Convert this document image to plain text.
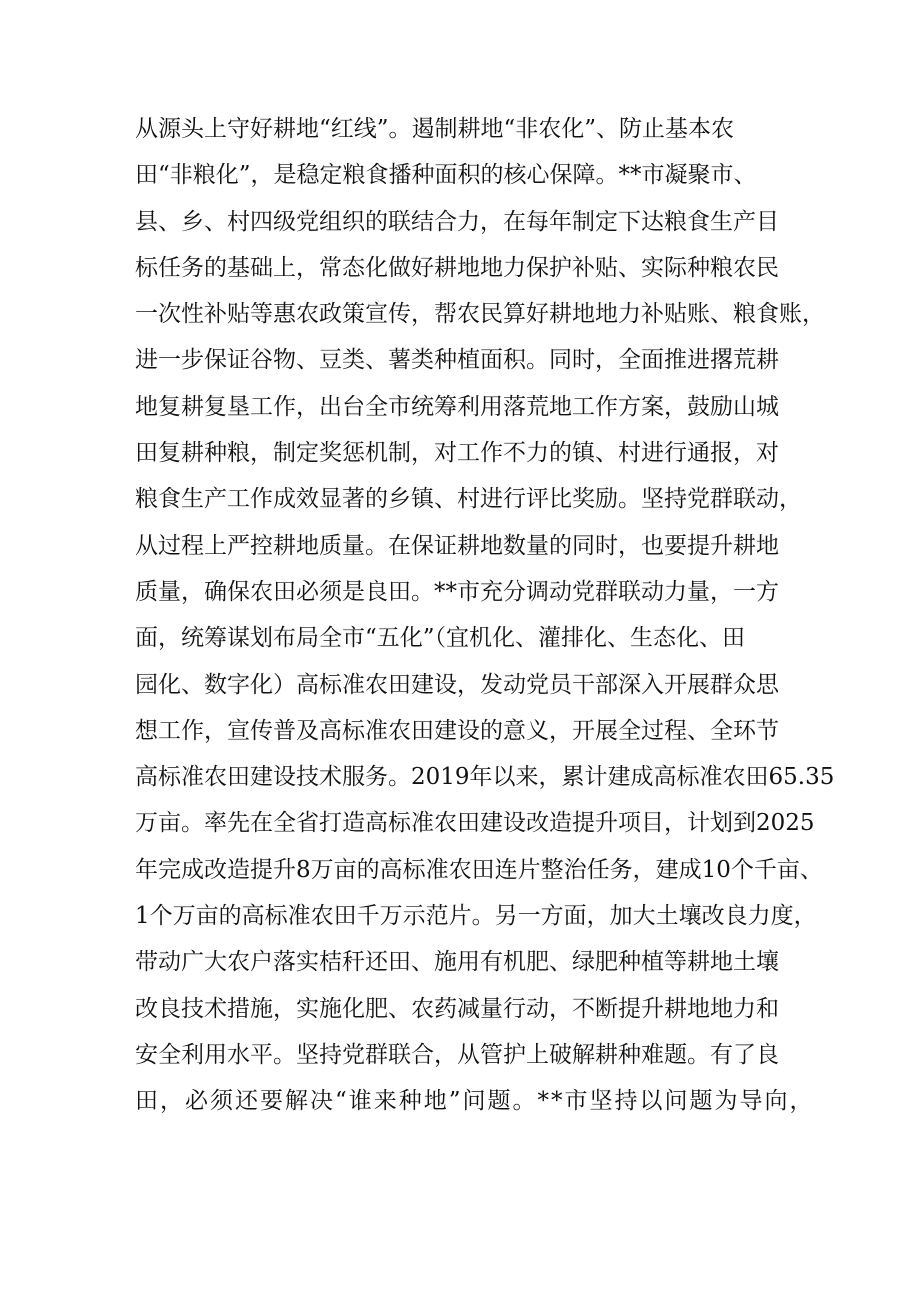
从源头上守好耕地“红线”。遏制耕地“非农化”、防止基本农
田“非粮化”，是稳定粮食播种面积的核心保障。**市凝聚市、
县、乡、村四级党组织的联结合力，在每年制定下达粮食生产目
标任务的基础上，常态化做好耕地地力保护补贴、实际种粮农民
一次性补贴等惠农政策宣传，帮农民算好耕地地力补贴账、粮食账，
进一步保证谷物、豆类、薯类种植面积。同时，全面推进撂荒耕
地复耕复垦工作，出台全市统筹利用落荒地工作方案，鼓励山城
田复耕种粮，制定奖惩机制，对工作不力的镇、村进行通报，对
粮食生产工作成效显著的乡镇、村进行评比奖励。坚持党群联动，
从过程上严控耕地质量。在保证耕地数量的同时，也要提升耕地
质量，确保农田必须是良田。**市充分调动党群联动力量，一方
面，统筹谋划布局全市“五化”（宜机化、灌排化、生态化、田
园化、数字化）高标准农田建设，发动党员干部深入开展群众思
想工作，宣传普及高标准农田建设的意义，开展全过程、全环节
高标准农田建设技术服务。2019年以来，累计建成高标准农田65.35
万亩。率先在全省打造高标准农田建设改造提升项目，计划到2025
年完成改造提升8万亩的高标准农田连片整治任务，建成10个千亩、
1个万亩的高标准农田千万示范片。另一方面，加大土壤改良力度，
带动广大农户落实桔秆还田、施用有机肥、绿肥种植等耕地土壤
改良技术措施，实施化肥、农药减量行动，不断提升耕地地力和
安全利用水平。坚持党群联合，从管护上破解耕种难题。有了良
田，必须还要解决“谁来种地”问题。**市坚持以问题为导向，
